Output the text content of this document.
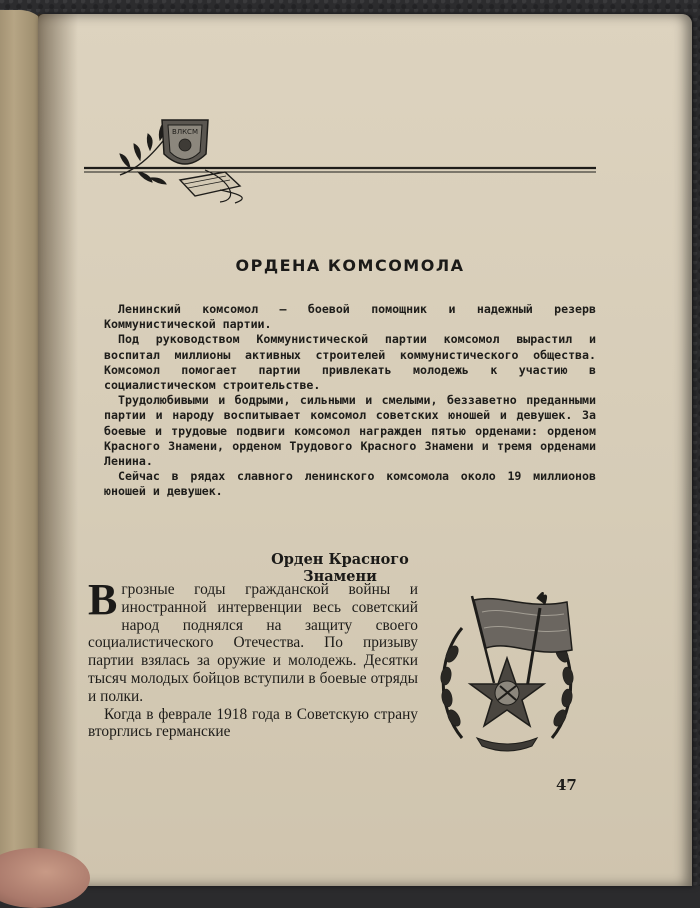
ВЛКСМ
ОРДЕНА КОМСОМОЛА

Ленинский комсомол — боевой помощник и надежный резерв Коммунистической партии.

Под руководством Коммунистической партии комсомол вырастил и воспитал миллионы активных строителей коммунистического общества. Комсомол помогает партии привлекать молодежь к участию в социалистическом строительстве.

Трудолюбивыми и бодрыми, сильными и смелыми, беззаветно преданными партии и народу воспитывает комсомол советских юношей и девушек. За боевые и трудовые подвиги комсомол награжден пятью орденами: орденом Красного Знамени, орденом Трудового Красного Знамени и тремя орденами Ленина.

Сейчас в рядах славного ленинского комсомола около 19 миллионов юношей и девушек.

Орден Красного Знамени

Вгрозные годы гражданской войны и иностранной интервенции весь советский народ поднялся на защиту своего социалистического Отечества. По призыву партии взялась за оружие и молодежь. Десятки тысяч молодых бойцов вступили в боевые отряды и полки.

Когда в феврале 1918 года в Советскую страну вторглись германские

47
